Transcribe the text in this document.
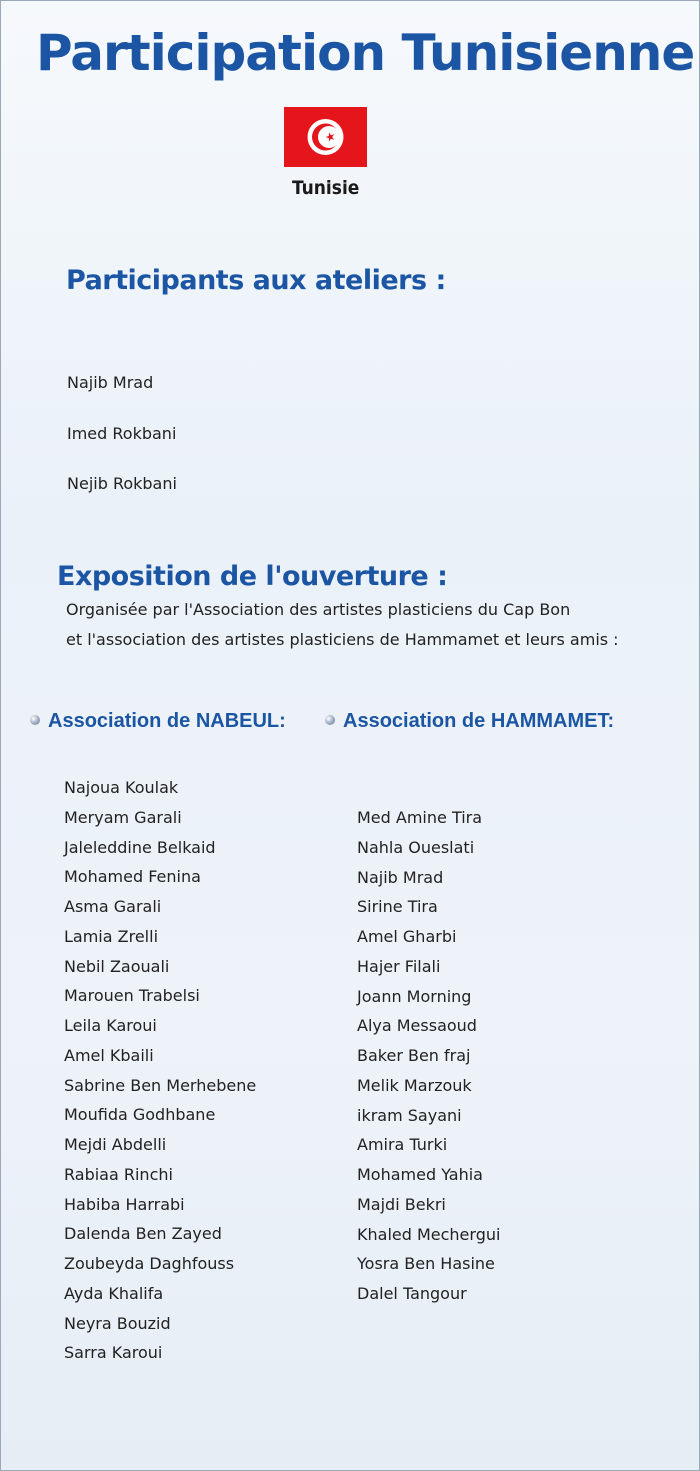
Participation Tunisienne
Tunisie
Participants aux ateliers :
Najib Mrad
Imed Rokbani
Nejib Rokbani
Exposition de l'ouverture :
Organisée par l'Association des artistes plasticiens du Cap Bon
et l'association des artistes plasticiens de Hammamet et leurs amis :
Association de NABEUL:	Association de HAMMAMET:
Najoua Koulak
Meryam Garali
Jaleleddine Belkaid
Mohamed Fenina
Asma Garali
Lamia Zrelli
Nebil Zaouali
Marouen Trabelsi
Leila Karoui
Amel Kbaili
Sabrine Ben Merhebene
Moufida Godhbane
Mejdi Abdelli
Rabiaa Rinchi
Habiba Harrabi
Dalenda Ben Zayed
Zoubeyda Daghfouss
Ayda Khalifa
Neyra Bouzid
Sarra Karoui
Med Amine Tira
Nahla Oueslati
Najib Mrad
Sirine Tira
Amel Gharbi
Hajer Filali
Joann Morning
Alya Messaoud
Baker Ben fraj
Melik Marzouk
ikram Sayani
Amira Turki
Mohamed Yahia
Majdi Bekri
Khaled Mechergui
Yosra Ben Hasine
Dalel Tangour
